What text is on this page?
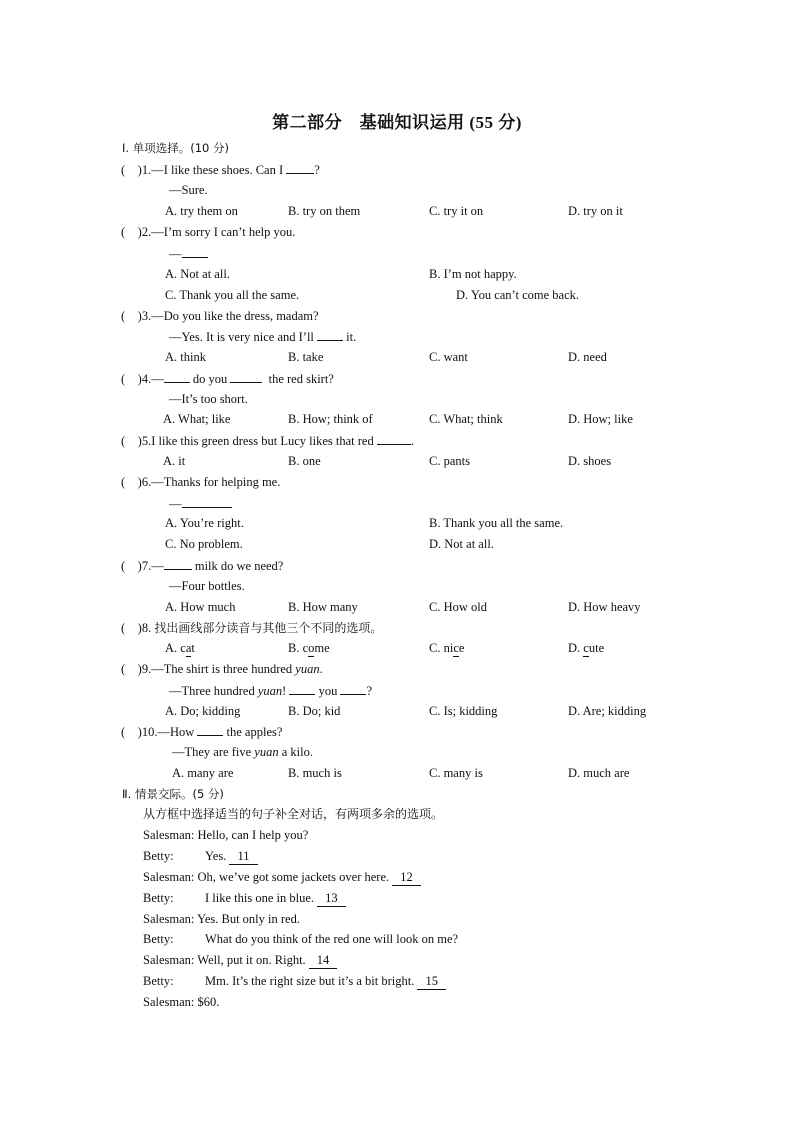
第二部分　基础知识运用 (55 分)
Ⅰ. 单项选择。(10 分)
(    )1.—I like these shoes. Can I ?
—Sure.
A. try them on	B. try on them	C. try it on	D. try on it
(    )2.—I’m sorry I can’t help you.
—
A. Not at all.	B. I’m not happy.
C. Thank you all the same.	D. You can’t come back.
(    )3.—Do you like the dress, madam?
—Yes. It is very nice and I’ll	it.
A. think	B. take	C. want	D. need
(    )4.— do you	the red skirt?
—It’s too short.
A. What; like	B. How; think of	C. What; think	D. How; like
(    )5.I like this green dress but Lucy likes that red	.
A. it	B. one	C. pants	D. shoes
(    )6.—Thanks for helping me.
—
A. You’re right.	B. Thank you all the same.
C. No problem.	D. Not at all.
(    )7.— milk do we need?
—Four bottles.
A. How much	B. How many	C. How old	D. How heavy
(    )8. 找出画线部分读音与其他三个不同的选项。
A. cat	B. come	C. nice	D. cute
(    )9.—The shirt is three hundred yuan.
—Three hundred yuan!	you ?
A. Do; kidding	B. Do; kid	C. Is; kidding	D. Are; kidding
(    )10.—How	the apples?
—They are five yuan a kilo.
A. many are	B. much is	C. many is	D. much are
Ⅱ. 情景交际。(5 分)
从方框中选择适当的句子补全对话，有两项多余的选项。
Salesman: Hello, can I help you?
Betty:	Yes. 11
Salesman: Oh, we’ve got some jackets over here. 12
Betty:	I like this one in blue. 13
Salesman: Yes. But only in red.
Betty:	What do you think of the red one will look on me?
Salesman: Well, put it on. Right. 14
Betty:	Mm. It’s the right size but it’s a bit bright. 15
Salesman: $60.
